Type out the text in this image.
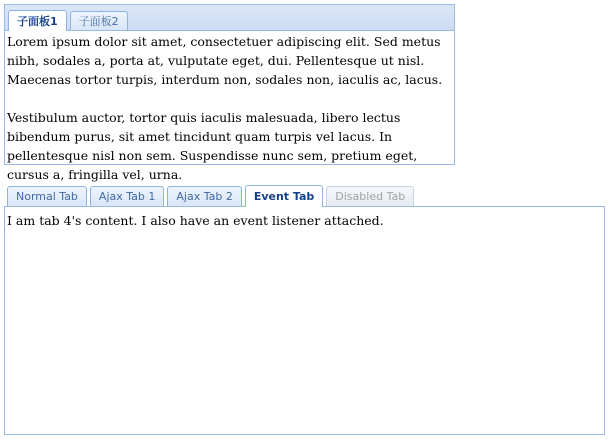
子面板1 子面板2

Lorem ipsum dolor sit amet, consectetuer adipiscing elit. Sed metus nibh, sodales a, porta at, vulputate eget, dui. Pellentesque ut nisl. Maecenas tortor turpis, interdum non, sodales non, iaculis ac, lacus.

Vestibulum auctor, tortor quis iaculis malesuada, libero lectus bibendum purus, sit amet tincidunt quam turpis vel lacus. In pellentesque nisl non sem. Suspendisse nunc sem, pretium eget, cursus a, fringilla vel, urna.

Normal Tab Ajax Tab 1 Ajax Tab 2 Event Tab Disabled Tab

I am tab 4's content. I also have an event listener attached.
